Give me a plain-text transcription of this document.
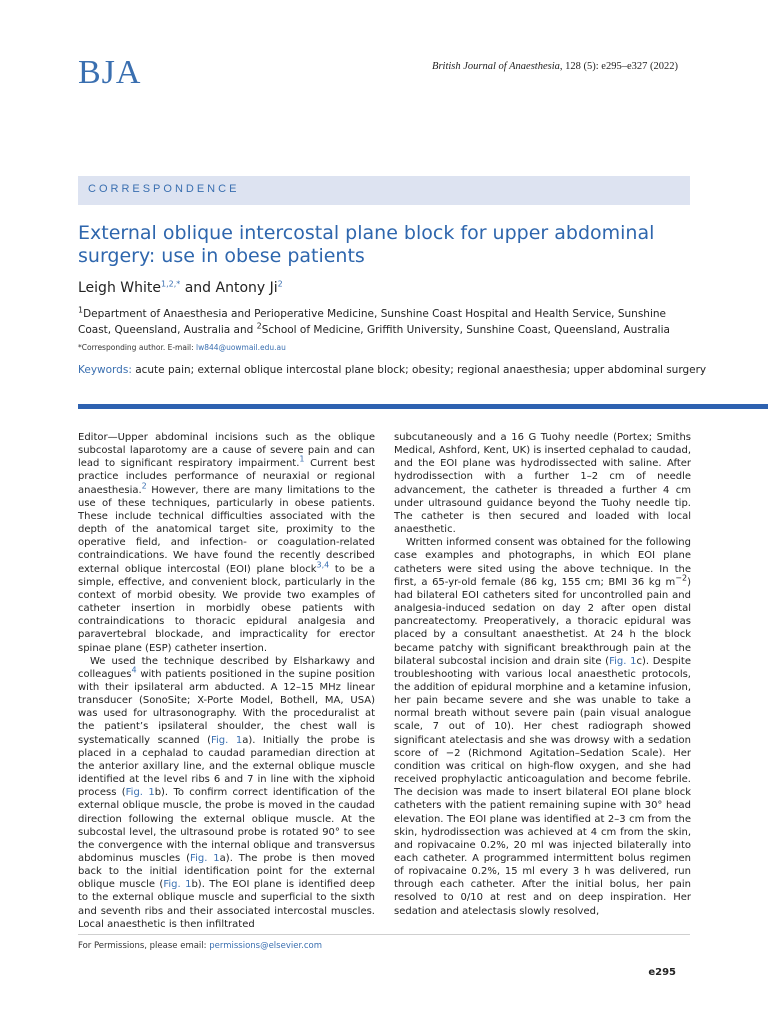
BJA	British Journal of Anaesthesia, 128 (5): e295–e327 (2022)
CORRESPONDENCE
External oblique intercostal plane block for upper abdominal surgery: use in obese patients
Leigh White$^{1,2,*}$ and Antony Ji$^2$
$^1$Department of Anaesthesia and Perioperative Medicine, Sunshine Coast Hospital and Health Service, Sunshine Coast, Queensland, Australia and $^2$School of Medicine, Griffith University, Sunshine Coast, Queensland, Australia
*Corresponding author. E-mail: lw844@uowmail.edu.au
Keywords: acute pain; external oblique intercostal plane block; obesity; regional anaesthesia; upper abdominal surgery

Editor—Upper abdominal incisions such as the oblique subcostal laparotomy are a cause of severe pain and can lead to significant respiratory impairment.$^1$ Current best practice includes performance of neuraxial or regional anaesthesia.$^2$ However, there are many limitations to the use of these techniques, particularly in obese patients. These include technical difficulties associated with the depth of the anatomical target site, proximity to the operative field, and infection- or coagulation-related contraindications. We have found the recently described external oblique intercostal (EOI) plane block$^{3,4}$ to be a simple, effective, and convenient block, particularly in the context of morbid obesity. We provide two examples of catheter insertion in morbidly obese patients with contraindications to thoracic epidural analgesia and paravertebral blockade, and impracticality for erector spinae plane (ESP) catheter insertion.

We used the technique described by Elsharkawy and colleagues$^4$ with patients positioned in the supine position with their ipsilateral arm abducted. A 12–15 MHz linear transducer (SonoSite; X-Porte Model, Bothell, MA, USA) was used for ultrasonography. With the proceduralist at the patient’s ipsilateral shoulder, the chest wall is systematically scanned (Fig. 1a). Initially the probe is placed in a cephalad to caudad paramedian direction at the anterior axillary line, and the external oblique muscle identified at the level ribs 6 and 7 in line with the xiphoid process (Fig. 1b). To confirm correct identification of the external oblique muscle, the probe is moved in the caudad direction following the external oblique muscle. At the subcostal level, the ultrasound probe is rotated 90° to see the convergence with the internal oblique and transversus abdominus muscles (Fig. 1a). The probe is then moved back to the initial identification point for the external oblique muscle (Fig. 1b). The EOI plane is identified deep to the external oblique muscle and superficial to the sixth and seventh ribs and their associated intercostal muscles. Local anaesthetic is then infiltrated

subcutaneously and a 16 G Tuohy needle (Portex; Smiths Medical, Ashford, Kent, UK) is inserted cephalad to caudad, and the EOI plane was hydrodissected with saline. After hydrodissection with a further 1–2 cm of needle advancement, the catheter is threaded a further 4 cm under ultrasound guidance beyond the Tuohy needle tip. The catheter is then secured and loaded with local anaesthetic.

Written informed consent was obtained for the following case examples and photographs, in which EOI plane catheters were sited using the above technique. In the first, a 65-yr-old female (86 kg, 155 cm; BMI 36 kg $m^{-2}$) had bilateral EOI catheters sited for uncontrolled pain and analgesia-induced sedation on day 2 after open distal pancreatectomy. Preoperatively, a thoracic epidural was placed by a consultant anaesthetist. At 24 h the block became patchy with significant breakthrough pain at the bilateral subcostal incision and drain site (Fig. 1c). Despite troubleshooting with various local anaesthetic protocols, the addition of epidural morphine and a ketamine infusion, her pain became severe and she was unable to take a normal breath without severe pain (pain visual analogue scale, 7 out of 10). Her chest radiograph showed significant atelectasis and she was drowsy with a sedation score of −2 (Richmond Agitation–Sedation Scale). Her condition was critical on high-flow oxygen, and she had received prophylactic anticoagulation and become febrile. The decision was made to insert bilateral EOI plane block catheters with the patient remaining supine with 30° head elevation. The EOI plane was identified at 2–3 cm from the skin, hydrodissection was achieved at 4 cm from the skin, and ropivacaine 0.2%, 20 ml was injected bilaterally into each catheter. A programmed intermittent bolus regimen of ropivacaine 0.2%, 15 ml every 3 h was delivered, run through each catheter. After the initial bolus, her pain resolved to 0/10 at rest and on deep inspiration. Her sedation and atelectasis slowly resolved,

For Permissions, please email: permissions@elsevier.com
e295
